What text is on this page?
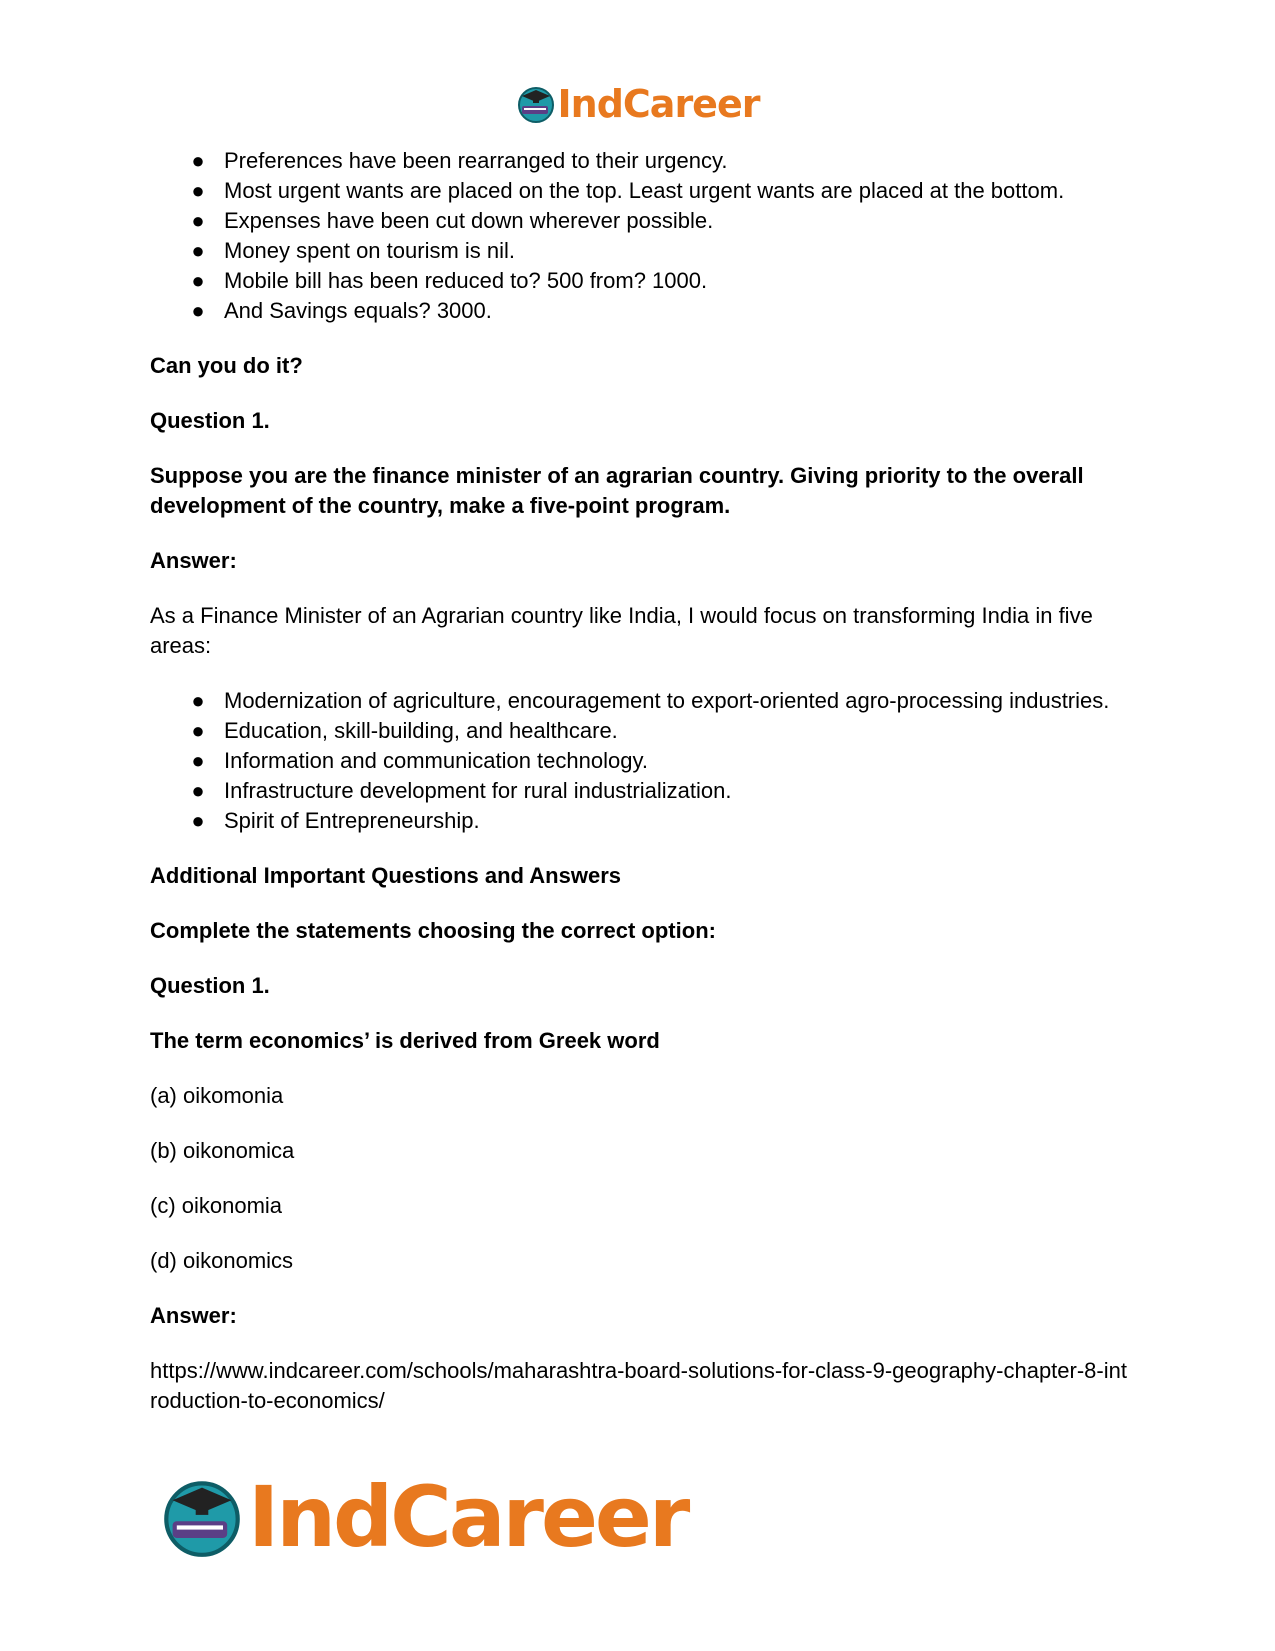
IndCareer
● Preferences have been rearranged to their urgency.
● Most urgent wants are placed on the top. Least urgent wants are placed at the bottom.
● Expenses have been cut down wherever possible.
● Money spent on tourism is nil.
● Mobile bill has been reduced to? 500 from? 1000.
● And Savings equals? 3000.

Can you do it?

Question 1.

Suppose you are the finance minister of an agrarian country. Giving priority to the overall development of the country, make a five-point program.

Answer:

As a Finance Minister of an Agrarian country like India, I would focus on transforming India in five areas:

● Modernization of agriculture, encouragement to export-oriented agro-processing industries.
● Education, skill-building, and healthcare.
● Information and communication technology.
● Infrastructure development for rural industrialization.
● Spirit of Entrepreneurship.

Additional Important Questions and Answers

Complete the statements choosing the correct option:

Question 1.

The term economics’ is derived from Greek word

(a) oikomonia

(b) oikonomica

(c) oikonomia

(d) oikonomics

Answer:

https://www.indcareer.com/schools/maharashtra-board-solutions-for-class-9-geography-chapter-8-introduction-to-economics/

IndCareer
